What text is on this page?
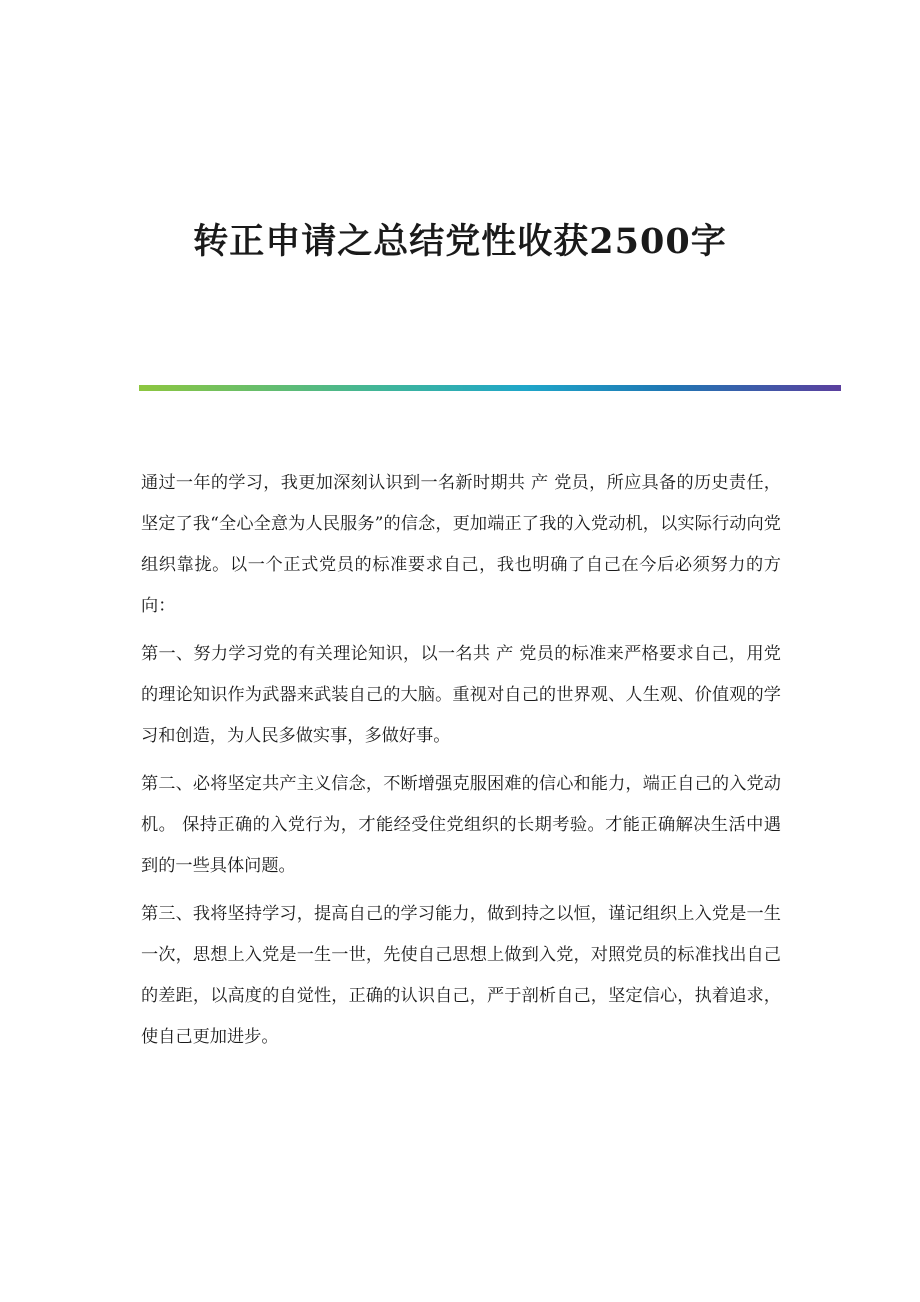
转正申请之总结党性收获2500字

通过一年的学习，我更加深刻认识到一名新时期共 产 党员，所应具备的历史责任，坚定了我“全心全意为人民服务”的信念，更加端正了我的入党动机，以实际行动向党组织靠拢。以一个正式党员的标准要求自己，我也明确了自己在今后必须努力的方向：

第一、努力学习党的有关理论知识，以一名共 产 党员的标准来严格要求自己，用党的理论知识作为武器来武装自己的大脑。重视对自己的世界观、人生观、价值观的学习和创造，为人民多做实事，多做好事。

第二、必将坚定共产主义信念，不断增强克服困难的信心和能力，端正自己的入党动机。 保持正确的入党行为，才能经受住党组织的长期考验。才能正确解决生活中遇到的一些具体问题。

第三、我将坚持学习，提高自己的学习能力，做到持之以恒，谨记组织上入党是一生一次，思想上入党是一生一世，先使自己思想上做到入党，对照党员的标准找出自己的差距，以高度的自觉性，正确的认识自己，严于剖析自己，坚定信心，执着追求，使自己更加进步。
